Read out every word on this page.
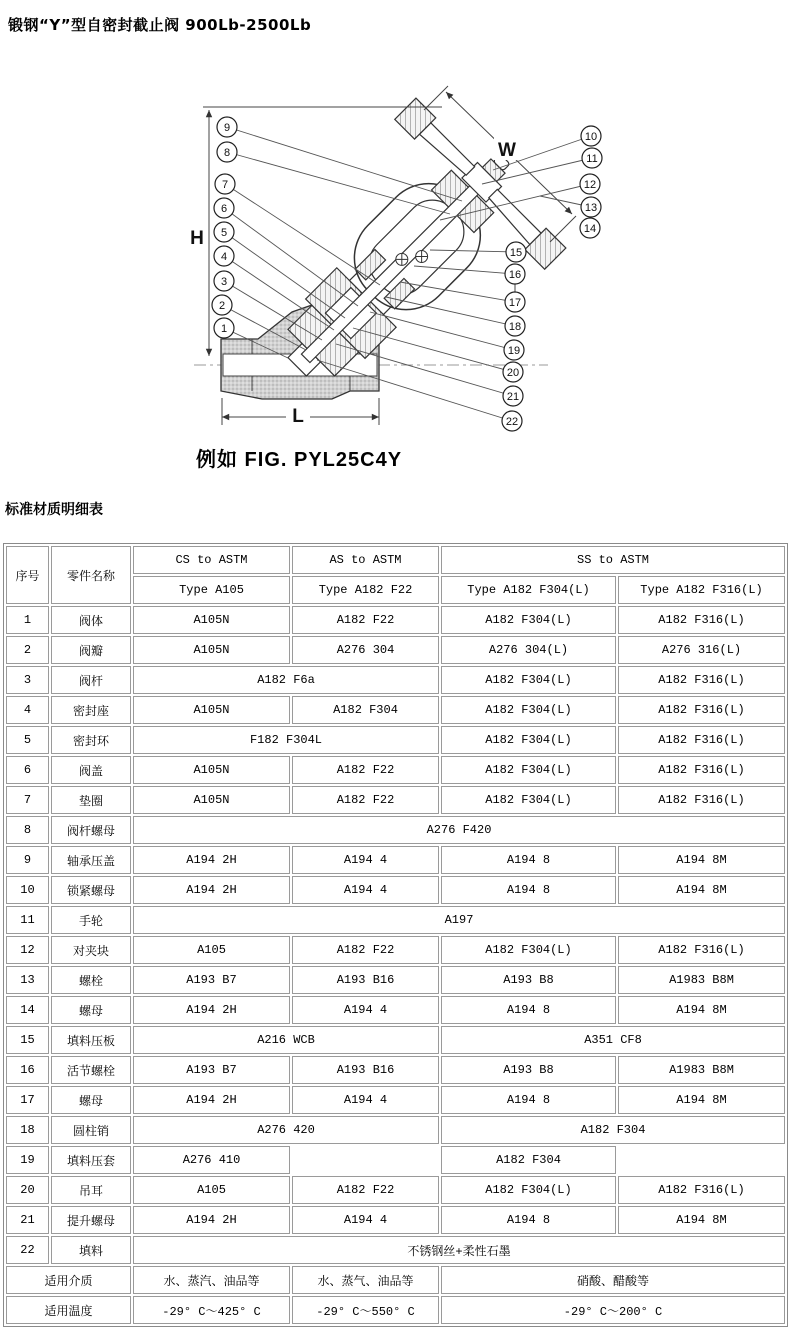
锻钢“Y”型自密封截止阀 900Lb-2500Lb
H
L
W
9
8
7
6
5
4
3
2
1
10
11
12
13
14
15
16
17
18
19
20
21
22
例如 FIG. PYL25C4Y
标准材质明细表
序号	零件名称	CS to ASTM	AS to ASTM	SS to ASTM	
		Type A105	Type A182 F22	Type A182 F304(L)	Type A182 F316(L)
1	阀体	A105N	A182 F22	A182 F304(L)	A182 F316(L)
2	阀瓣	A105N	A276 304	A276 304(L)	A276 316(L)
3	阀杆	A182 F6a		A182 F304(L)	A182 F316(L)
4	密封座	A105N	A182 F304	A182 F304(L)	A182 F316(L)
5	密封环	F182 F304L		A182 F304(L)	A182 F316(L)
6	阀盖	A105N	A182 F22	A182 F304(L)	A182 F316(L)
7	垫圈	A105N	A182 F22	A182 F304(L)	A182 F316(L)
8	阀杆螺母	A276 F420			
9	轴承压盖	A194 2H	A194 4	A194 8	A194 8M
10	锁紧螺母	A194 2H	A194 4	A194 8	A194 8M
11	手轮	A197			
12	对夹块	A105	A182 F22	A182 F304(L)	A182 F316(L)
13	螺栓	A193 B7	A193 B16	A193 B8	A1983 B8M
14	螺母	A194 2H	A194 4	A194 8	A194 8M
15	填料压板	A216 WCB		A351 CF8	
16	活节螺栓	A193 B7	A193 B16	A193 B8	A1983 B8M
17	螺母	A194 2H	A194 4	A194 8	A194 8M
18	圆柱销	A276 420		A182 F304	
19	填料压套	A276 410		A182 F304	
20	吊耳	A105	A182 F22	A182 F304(L)	A182 F316(L)
21	提升螺母	A194 2H	A194 4	A194 8	A194 8M
22	填料	不锈钢丝+柔性石墨			
适用介质		水、蒸汽、油品等	水、蒸气、油品等	硝酸、醋酸等	
适用温度		-29° C～425° C	-29° C～550° C	-29° C～200° C	
